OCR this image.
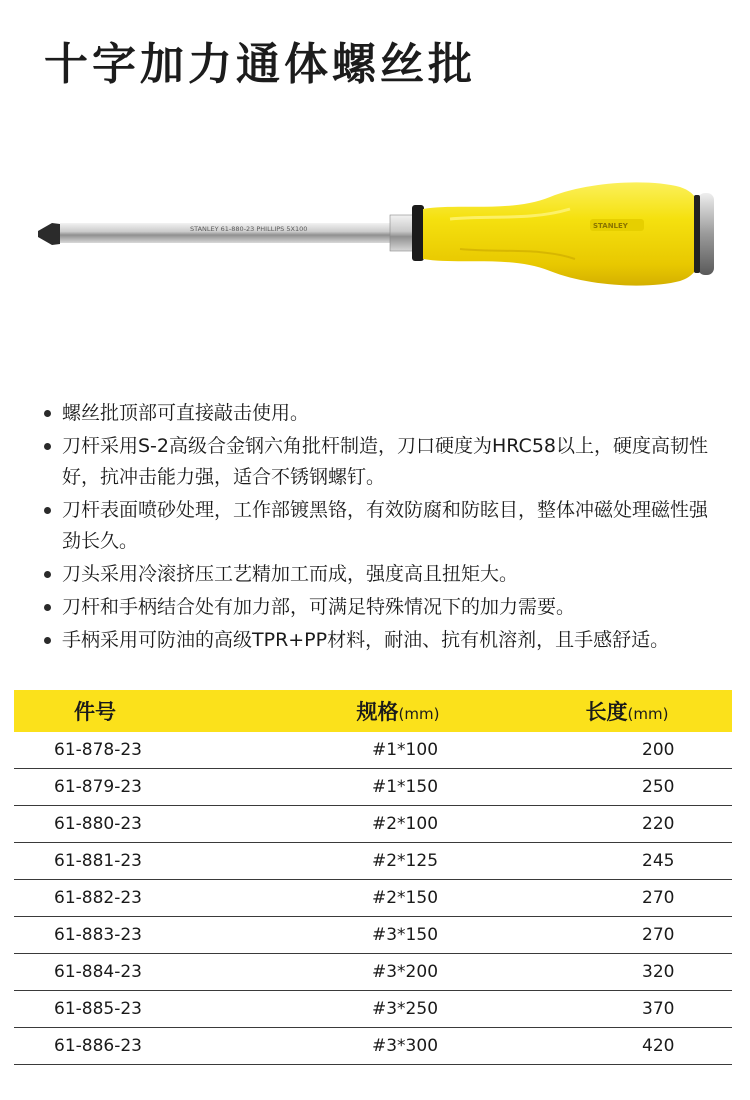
十字加力通体螺丝批
STANLEY 61-880-23 PHILLIPS 5X100	STANLEY
螺丝批顶部可直接敲击使用。
刀杆采用S-2高级合金钢六角批杆制造，刀口硬度为HRC58以上，硬度高韧性好，抗冲击能力强，适合不锈钢螺钉。
刀杆表面喷砂处理，工作部镀黑铬，有效防腐和防眩目，整体冲磁处理磁性强劲长久。
刀头采用冷滚挤压工艺精加工而成，强度高且扭矩大。
刀杆和手柄结合处有加力部，可满足特殊情况下的加力需要。
手柄采用可防油的高级TPR+PP材料，耐油、抗有机溶剂，且手感舒适。
件号	规格(mm)	长度(mm)
61-878-23	#1*100	200
61-879-23	#1*150	250
61-880-23	#2*100	220
61-881-23	#2*125	245
61-882-23	#2*150	270
61-883-23	#3*150	270
61-884-23	#3*200	320
61-885-23	#3*250	370
61-886-23	#3*300	420
